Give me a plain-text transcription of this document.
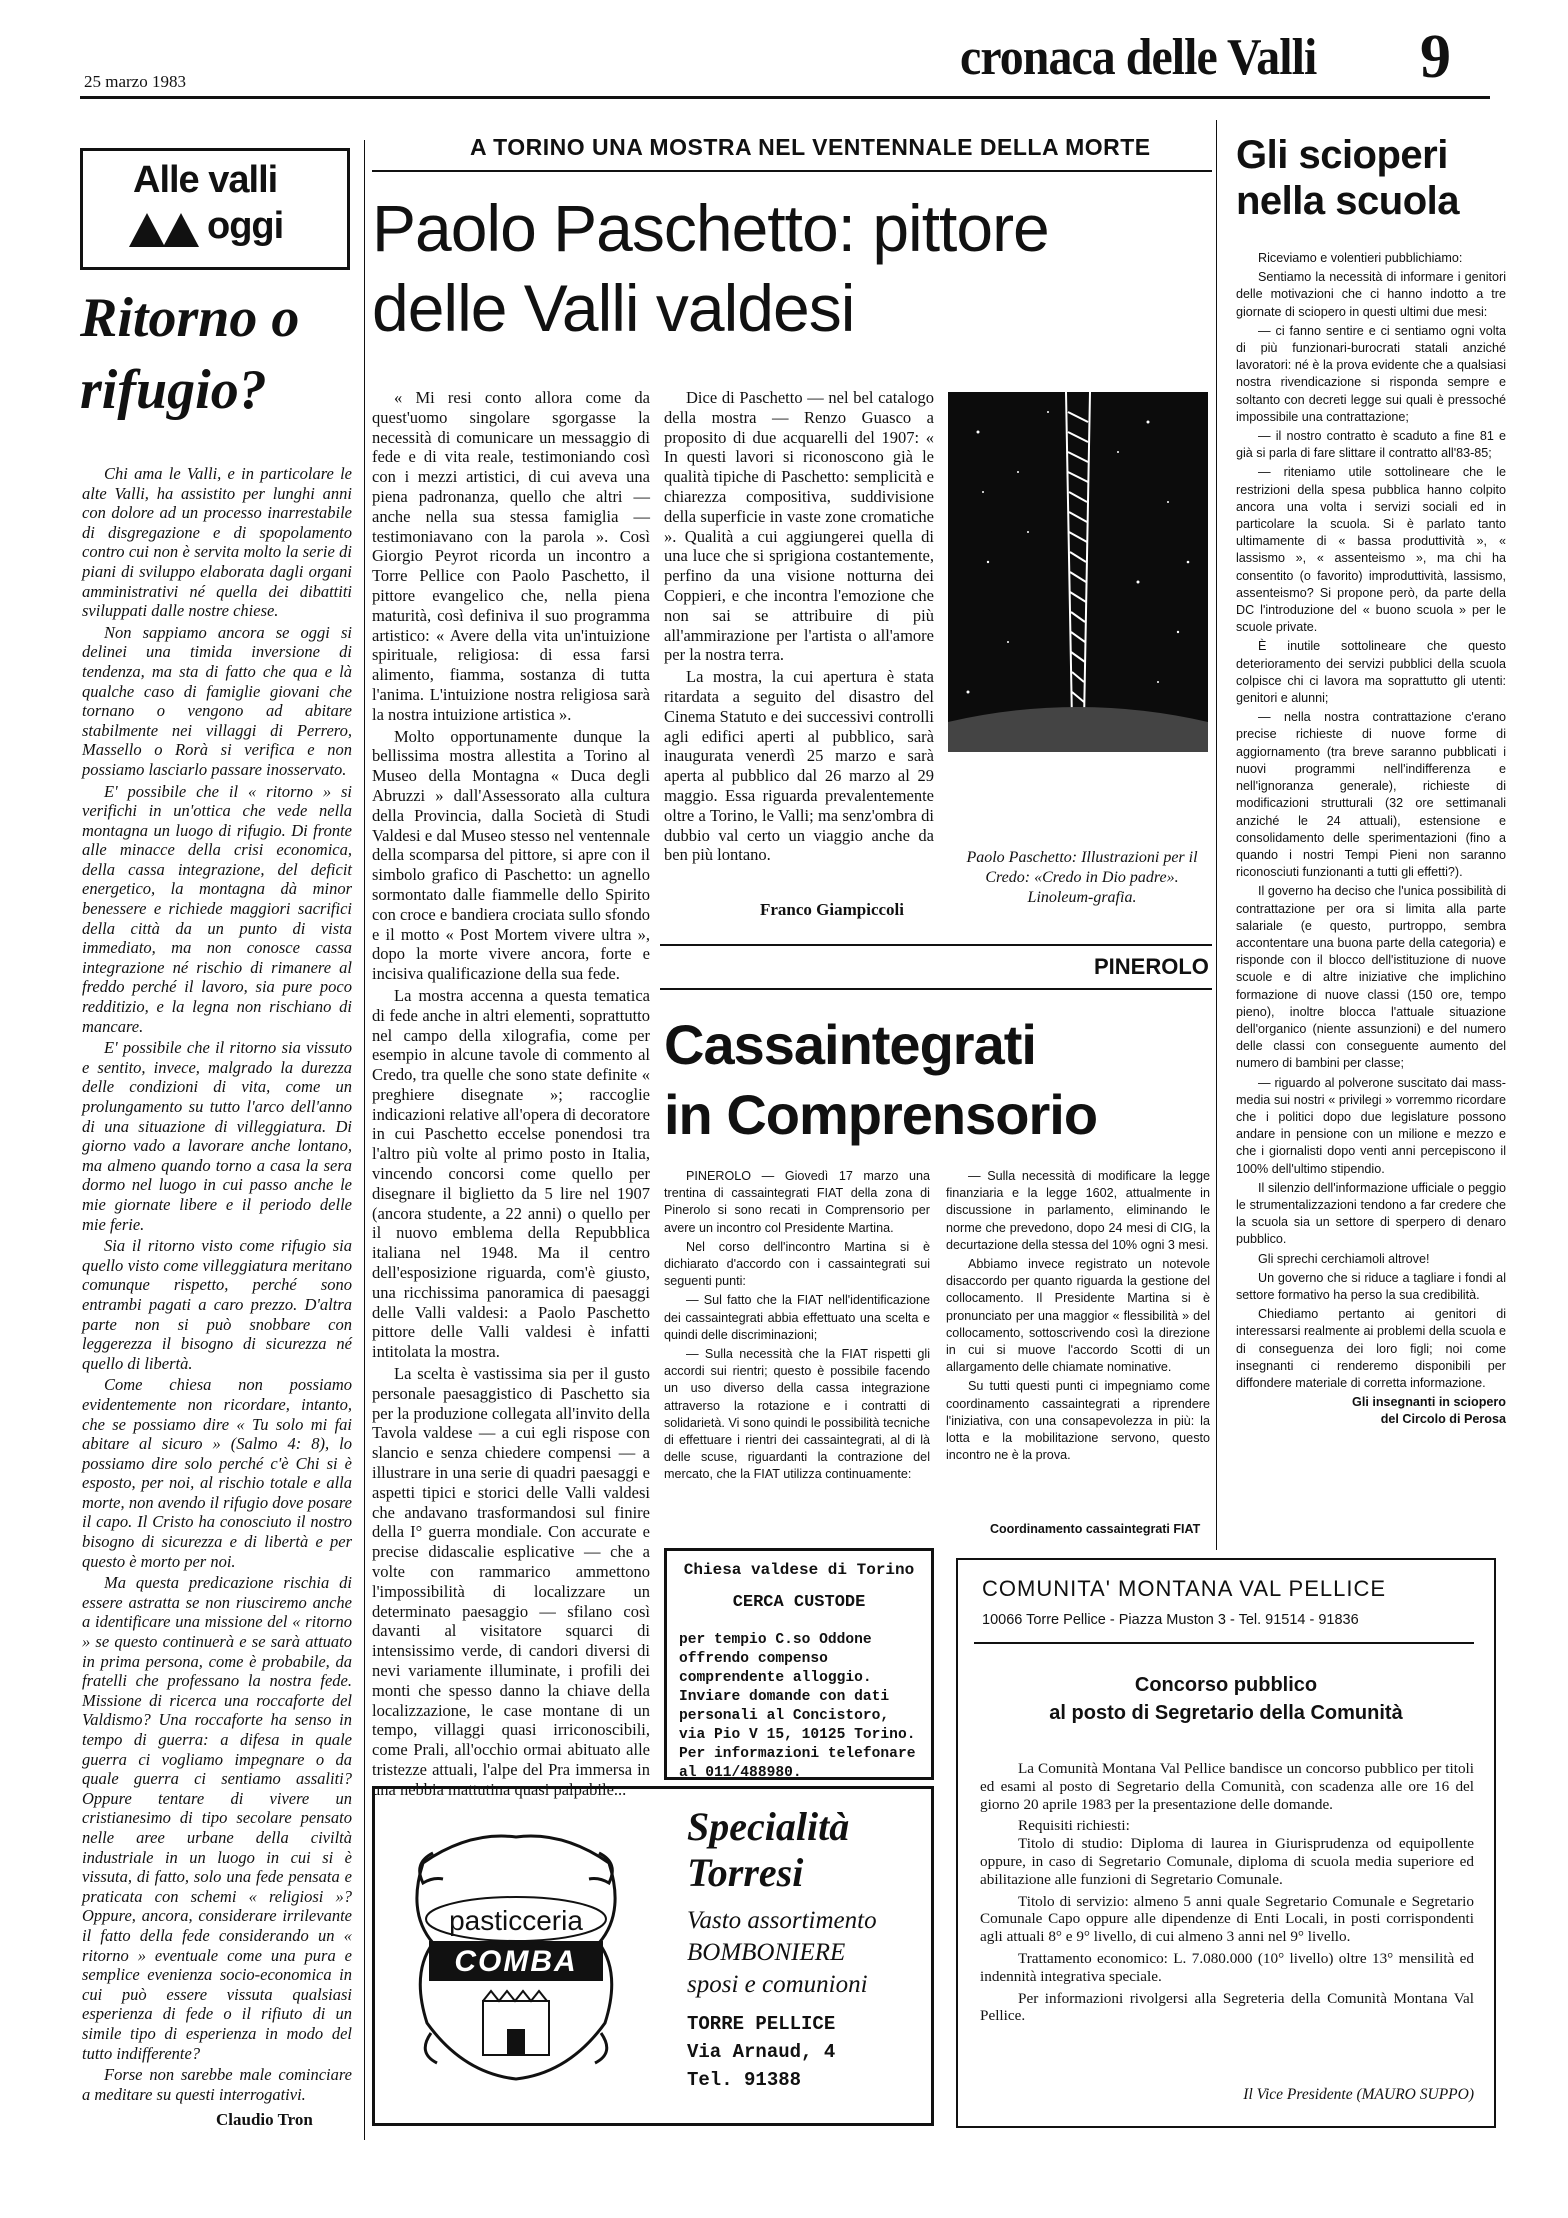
25 marzo 1983	cronaca delle Valli 9
Alle valli
oggi
Ritorno o rifugio?

Chi ama le Valli, e in particolare le alte Valli, ha assistito per lunghi anni con dolore ad un processo inarrestabile di disgregazione e di spopolamento contro cui non è servita molto la serie di piani di sviluppo elaborata dagli organi amministrativi né quella dei dibattiti sviluppati dalle nostre chiese.

Non sappiamo ancora se oggi si delinei una timida inversione di tendenza, ma sta di fatto che qua e là qualche caso di famiglie giovani che tornano o vengono ad abitare stabilmente nei villaggi di Perrero, Massello o Rorà si verifica e non possiamo lasciarlo passare inosservato.

E' possibile che il « ritorno » si verifichi in un'ottica che vede nella montagna un luogo di rifugio. Di fronte alle minacce della crisi economica, della cassa integrazione, del deficit energetico, la montagna dà minor benessere e richiede maggiori sacrifici della città da un punto di vista immediato, ma non conosce cassa integrazione né rischio di rimanere al freddo perché il lavoro, sia pure poco redditizio, e la legna non rischiano di mancare.

E' possibile che il ritorno sia vissuto e sentito, invece, malgrado la durezza delle condizioni di vita, come un prolungamento su tutto l'arco dell'anno di una situazione di villeggiatura. Di giorno vado a lavorare anche lontano, ma almeno quando torno a casa la sera dormo nel luogo in cui passo anche le mie giornate libere e il periodo delle mie ferie.

Sia il ritorno visto come rifugio sia quello visto come villeggiatura meritano comunque rispetto, perché sono entrambi pagati a caro prezzo. D'altra parte non si può snobbare con leggerezza il bisogno di sicurezza né quello di libertà.

Come chiesa non possiamo evidentemente non ricordare, intanto, che se possiamo dire « Tu solo mi fai abitare al sicuro » (Salmo 4: 8), lo possiamo dire solo perché c'è Chi si è esposto, per noi, al rischio totale e alla morte, non avendo il rifugio dove posare il capo. Il Cristo ha conosciuto il nostro bisogno di sicurezza e di libertà e per questo è morto per noi.

Ma questa predicazione rischia di essere astratta se non riusciremo anche a identificare una missione del « ritorno » se questo continuerà e se sarà attuato in prima persona, come è probabile, da fratelli che professano la nostra fede. Missione di ricerca una roccaforte del Valdismo? Una roccaforte ha senso in tempo di guerra: a difesa in quale guerra ci vogliamo impegnare o da quale guerra ci sentiamo assaliti? Oppure tentare di vivere un cristianesimo di tipo secolare pensato nelle aree urbane della civiltà industriale in un luogo in cui si è vissuta, di fatto, solo una fede pensata e praticata con schemi « religiosi »? Oppure, ancora, considerare irrilevante il fatto della fede considerando un « ritorno » eventuale come una pura e semplice evenienza socio-economica in cui può essere vissuta qualsiasi esperienza di fede o il rifiuto di un simile tipo di esperienza in modo del tutto indifferente?

Forse non sarebbe male cominciare a meditare su questi interrogativi.

Claudio Tron
A TORINO UNA MOSTRA NEL VENTENNALE DELLA MORTE
Paolo Paschetto: pittore
delle Valli valdesi

« Mi resi conto allora come da quest'uomo singolare sgorgasse la necessità di comunicare un messaggio di fede e di vita reale, testimoniando così con i mezzi artistici, di cui aveva una piena padronanza, quello che altri — anche nella sua stessa famiglia — testimoniavano con la parola ». Così Giorgio Peyrot ricorda un incontro a Torre Pellice con Paolo Paschetto, il pittore evangelico che, nella piena maturità, così definiva il suo programma artistico: « Avere della vita un'intuizione spirituale, religiosa: di essa farsi alimento, fiamma, sostanza di tutta l'anima. L'intuizione nostra religiosa sarà la nostra intuizione artistica ».

Molto opportunamente dunque la bellissima mostra allestita a Torino al Museo della Montagna « Duca degli Abruzzi » dall'Assessorato alla cultura della Provincia, dalla Società di Studi Valdesi e dal Museo stesso nel ventennale della scomparsa del pittore, si apre con il simbolo grafico di Paschetto: un agnello sormontato dalle fiammelle dello Spirito con croce e bandiera crociata sullo sfondo e il motto « Post Mortem vivere ultra », dopo la morte vivere ancora, forte e incisiva qualificazione della sua fede.

La mostra accenna a questa tematica di fede anche in altri elementi, soprattutto nel campo della xilografia, come per esempio in alcune tavole di commento al Credo, tra quelle che sono state definite « preghiere disegnate »; raccoglie indicazioni relative all'opera di decoratore in cui Paschetto eccelse ponendosi tra l'altro più volte al primo posto in Italia, vincendo concorsi come quello per disegnare il biglietto da 5 lire nel 1907 (ancora studente, a 22 anni) o quello per il nuovo emblema della Repubblica italiana nel 1948. Ma il centro dell'esposizione riguarda, com'è giusto, una ricchissima panoramica di paesaggi delle Valli valdesi: a Paolo Paschetto pittore delle Valli valdesi è infatti intitolata la mostra.

La scelta è vastissima sia per il gusto personale paesaggistico di Paschetto sia per la produzione collegata all'invito della Tavola valdese — a cui egli rispose con slancio e senza chiedere compensi — a illustrare in una serie di quadri paesaggi e aspetti tipici e storici delle Valli valdesi che andavano trasformandosi sul finire della I° guerra mondiale. Con accurate e precise didascalie esplicative — che a volte con rammarico ammettono l'impossibilità di localizzare un determinato paesaggio — sfilano così davanti al visitatore squarci di intensissimo verde, di candori diversi di nevi variamente illuminate, i profili dei monti che spesso danno la chiave della localizzazione, le case montane di un tempo, villaggi quasi irriconoscibili, come Prali, all'occhio ormai abituato alle tristezze attuali, l'alpe del Pra immersa in una nebbia mattutina quasi palpabile...

Dice di Paschetto — nel bel catalogo della mostra — Renzo Guasco a proposito di due acquarelli del 1907: « In questi lavori si riconoscono già le qualità tipiche di Paschetto: semplicità e chiarezza compositiva, suddivisione della superficie in vaste zone cromatiche ». Qualità a cui aggiungerei quella di una luce che si sprigiona costantemente, perfino da una visione notturna dei Coppieri, e che incontra l'emozione che non sai se attribuire di più all'ammirazione per l'artista o all'amore per la nostra terra.

La mostra, la cui apertura è stata ritardata a seguito del disastro del Cinema Statuto e dei successivi controlli agli edifici aperti al pubblico, sarà inaugurata venerdì 25 marzo e sarà aperta al pubblico dal 26 marzo al 29 maggio. Essa riguarda prevalentemente oltre a Torino, le Valli; ma senz'ombra di dubbio val certo un viaggio anche da ben più lontano.

Franco Giampiccoli
Paolo Paschetto: Illustrazioni per il Credo: «Credo in Dio padre».
Linoleum-grafia.
PINEROLO
Cassaintegrati
in Comprensorio

PINEROLO — Giovedì 17 marzo una trentina di cassaintegrati FIAT della zona di Pinerolo si sono recati in Comprensorio per avere un incontro col Presidente Martina.

Nel corso dell'incontro Martina si è dichiarato d'accordo con i cassaintegrati sui seguenti punti:

— Sul fatto che la FIAT nell'identificazione dei cassaintegrati abbia effettuato una scelta e quindi delle discriminazioni;

— Sulla necessità che la FIAT rispetti gli accordi sui rientri; questo è possibile facendo un uso diverso della cassa integrazione attraverso la rotazione e i contratti di solidarietà. Vi sono quindi le possibilità tecniche di effettuare i rientri dei cassaintegrati, al di là delle scuse, riguardanti la contrazione del mercato, che la FIAT utilizza continuamente:

— Sulla necessità di modificare la legge finanziaria e la legge 1602, attualmente in discussione in parlamento, eliminando le norme che prevedono, dopo 24 mesi di CIG, la decurtazione della stessa del 10% ogni 3 mesi.

Abbiamo invece registrato un notevole disaccordo per quanto riguarda la gestione del collocamento. Il Presidente Martina si è pronunciato per una maggior « flessibilità » del collocamento, sottoscrivendo così la direzione in cui si muove l'accordo Scotti di un allargamento delle chiamate nominative.

Su tutti questi punti ci impegniamo come coordinamento cassaintegrati a riprendere l'iniziativa, con una consapevolezza in più: la lotta e la mobilitazione servono, questo incontro ne è la prova.

Coordinamento cassaintegrati FIAT
Gli scioperi nella scuola

Riceviamo e volentieri pubblichiamo:

Sentiamo la necessità di informare i genitori delle motivazioni che ci hanno indotto a tre giornate di sciopero in questi ultimi due mesi:

— ci fanno sentire e ci sentiamo ogni volta di più funzionari-burocrati statali anziché lavoratori: né è la prova evidente che a qualsiasi nostra rivendicazione si risponda sempre e soltanto con decreti legge sui quali è pressoché impossibile una contrattazione;

— il nostro contratto è scaduto a fine 81 e già si parla di fare slittare il contratto all'83-85;

— riteniamo utile sottolineare che le restrizioni della spesa pubblica hanno colpito ancora una volta i servizi sociali ed in particolare la scuola. Si è parlato tanto ultimamente di « bassa produttività », « lassismo », « assenteismo », ma chi ha consentito (o favorito) improduttività, lassismo, assenteismo? Si propone però, da parte della DC l'introduzione del « buono scuola » per le scuole private.

È inutile sottolineare che questo deterioramento dei servizi pubblici della scuola colpisce chi ci lavora ma soprattutto gli utenti: genitori e alunni;

— nella nostra contrattazione c'erano precise richieste di nuove forme di aggiornamento (tra breve saranno pubblicati i nuovi programmi nell'indifferenza e nell'ignoranza generale), richieste di modificazioni strutturali (32 ore settimanali anziché le 24 attuali), estensione e consolidamento delle sperimentazioni (fino a quando i nostri Tempi Pieni non saranno riconosciuti funzionanti a tutti gli effetti?).

Il governo ha deciso che l'unica possibilità di contrattazione per ora si limita alla parte salariale (e questo, purtroppo, sembra accontentare una buona parte della categoria) e risponde con il blocco dell'istituzione di nuove scuole e di altre iniziative che implichino formazione di nuove classi (150 ore, tempo pieno), inoltre blocca l'attuale situazione dell'organico (niente assunzioni) e del numero delle classi con conseguente aumento del numero di bambini per classe;

— riguardo al polverone suscitato dai mass-media sui nostri « privilegi » vorremmo ricordare che i politici dopo due legislature possono andare in pensione con un milione e mezzo e che i giornalisti dopo venti anni percepiscono il 100% dell'ultimo stipendio.

Il silenzio dell'informazione ufficiale o peggio le strumentalizzazioni tendono a far credere che la scuola sia un settore di sperpero di denaro pubblico.

Gli sprechi cerchiamoli altrove!

Un governo che si riduce a tagliare i fondi al settore formativo ha perso la sua credibilità.

Chiediamo pertanto ai genitori di interessarsi realmente ai problemi della scuola e di conseguenza dei loro figli; noi come insegnanti ci renderemo disponibili per diffondere materiale di corretta informazione.

Gli insegnanti in sciopero
del Circolo di Perosa
Chiesa valdese di Torino
CERCA CUSTODE
per tempio C.so Oddone offrendo compenso comprendente alloggio. Inviare domande con dati personali al Concistoro, via Pio V 15, 10125 Torino. Per informazioni telefonare al 011/488980.
pasticceria
COMBA
Specialità
Torresi
Vasto assortimento
BOMBONIERE
sposi e comunioni
TORRE PELLICE
Via Arnaud, 4
Tel. 91388
COMUNITA' MONTANA VAL PELLICE
10066 Torre Pellice - Piazza Muston 3 - Tel. 91514 - 91836
Concorso pubblico
al posto di Segretario della Comunità

La Comunità Montana Val Pellice bandisce un concorso pubblico per titoli ed esami al posto di Segretario della Comunità, con scadenza alle ore 16 del giorno 20 aprile 1983 per la presentazione delle domande.

Requisiti richiesti:

Titolo di studio: Diploma di laurea in Giurisprudenza od equipollente oppure, in caso di Segretario Comunale, diploma di scuola media superiore ed abilitazione alle funzioni di Segretario Comunale.

Titolo di servizio: almeno 5 anni quale Segretario Comunale e Segretario Comunale Capo oppure alle dipendenze di Enti Locali, in posti corrispondenti agli attuali 8° e 9° livello, di cui almeno 3 anni nel 9° livello.

Trattamento economico: L. 7.080.000 (10° livello) oltre 13° mensilità ed indennità integrativa speciale.

Per informazioni rivolgersi alla Segreteria della Comunità Montana Val Pellice.

Il Vice Presidente (MAURO SUPPO)
